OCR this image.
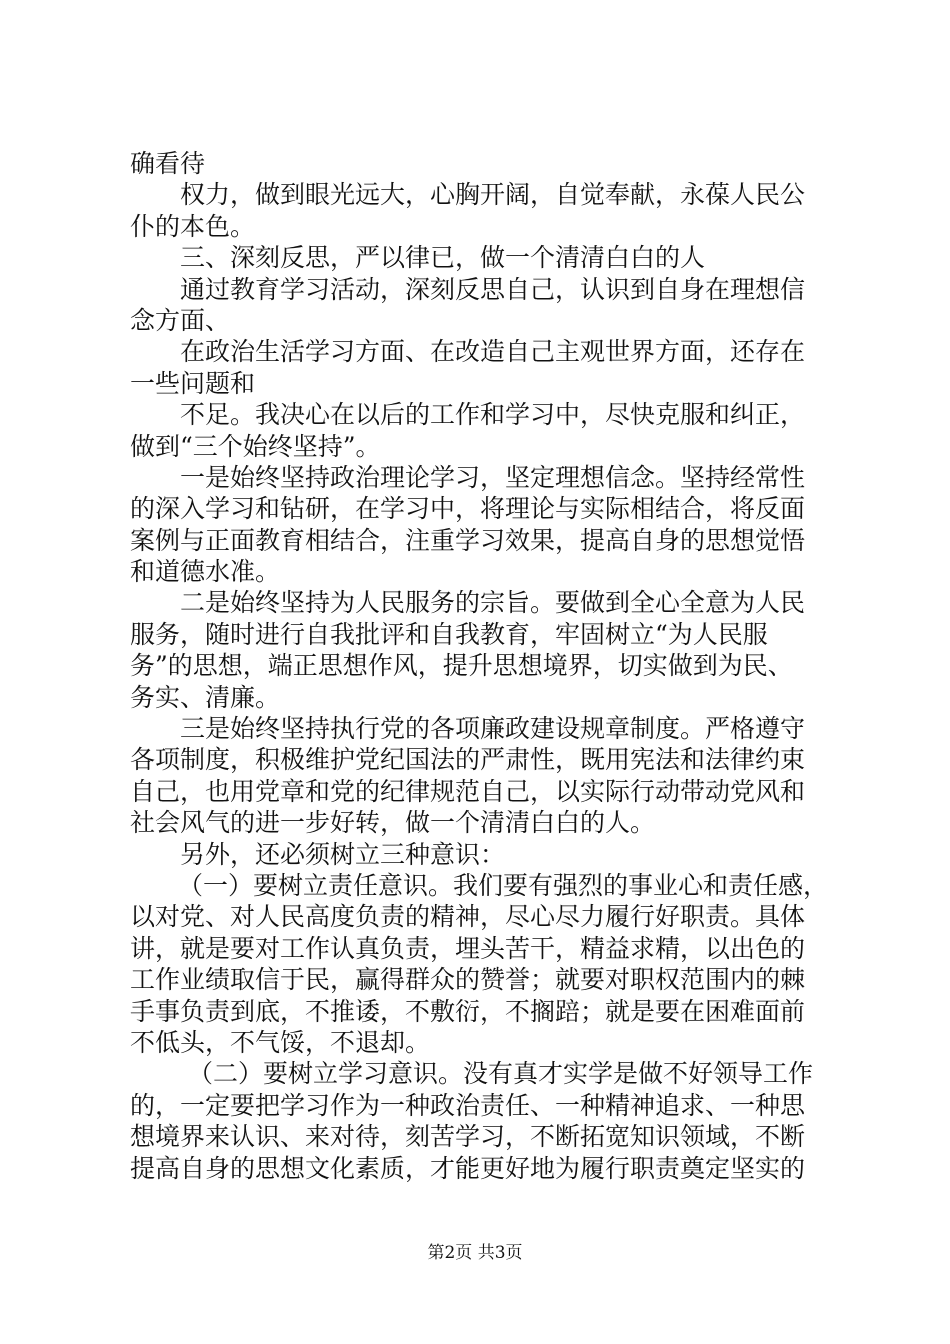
确看待
权力，做到眼光远大，心胸开阔，自觉奉献，永葆人民公
仆的本色。
三、深刻反思，严以律已，做一个清清白白的人
通过教育学习活动，深刻反思自己，认识到自身在理想信
念方面、
在政治生活学习方面、在改造自己主观世界方面，还存在
一些问题和
不足。我决心在以后的工作和学习中，尽快克服和纠正，
做到“三个始终坚持”。
一是始终坚持政治理论学习，坚定理想信念。坚持经常性
的深入学习和钻研，在学习中，将理论与实际相结合，将反面
案例与正面教育相结合，注重学习效果，提高自身的思想觉悟
和道德水准。
二是始终坚持为人民服务的宗旨。要做到全心全意为人民
服务，随时进行自我批评和自我教育，牢固树立“为人民服
务”的思想，端正思想作风，提升思想境界，切实做到为民、
务实、清廉。
三是始终坚持执行党的各项廉政建设规章制度。严格遵守
各项制度，积极维护党纪国法的严肃性，既用宪法和法律约束
自己，也用党章和党的纪律规范自己，以实际行动带动党风和
社会风气的进一步好转，做一个清清白白的人。
另外，还必须树立三种意识：
（一）要树立责任意识。我们要有强烈的事业心和责任感，
以对党、对人民高度负责的精神，尽心尽力履行好职责。具体
讲，就是要对工作认真负责，埋头苦干，精益求精，以出色的
工作业绩取信于民，赢得群众的赞誉；就要对职权范围内的棘
手事负责到底，不推诿，不敷衍，不搁踣；就是要在困难面前
不低头，不气馁，不退却。
（二）要树立学习意识。没有真才实学是做不好领导工作
的，一定要把学习作为一种政治责任、一种精神追求、一种思
想境界来认识、来对待，刻苦学习，不断拓宽知识领域，不断
提高自身的思想文化素质，才能更好地为履行职责奠定坚实的
第2页 共3页
